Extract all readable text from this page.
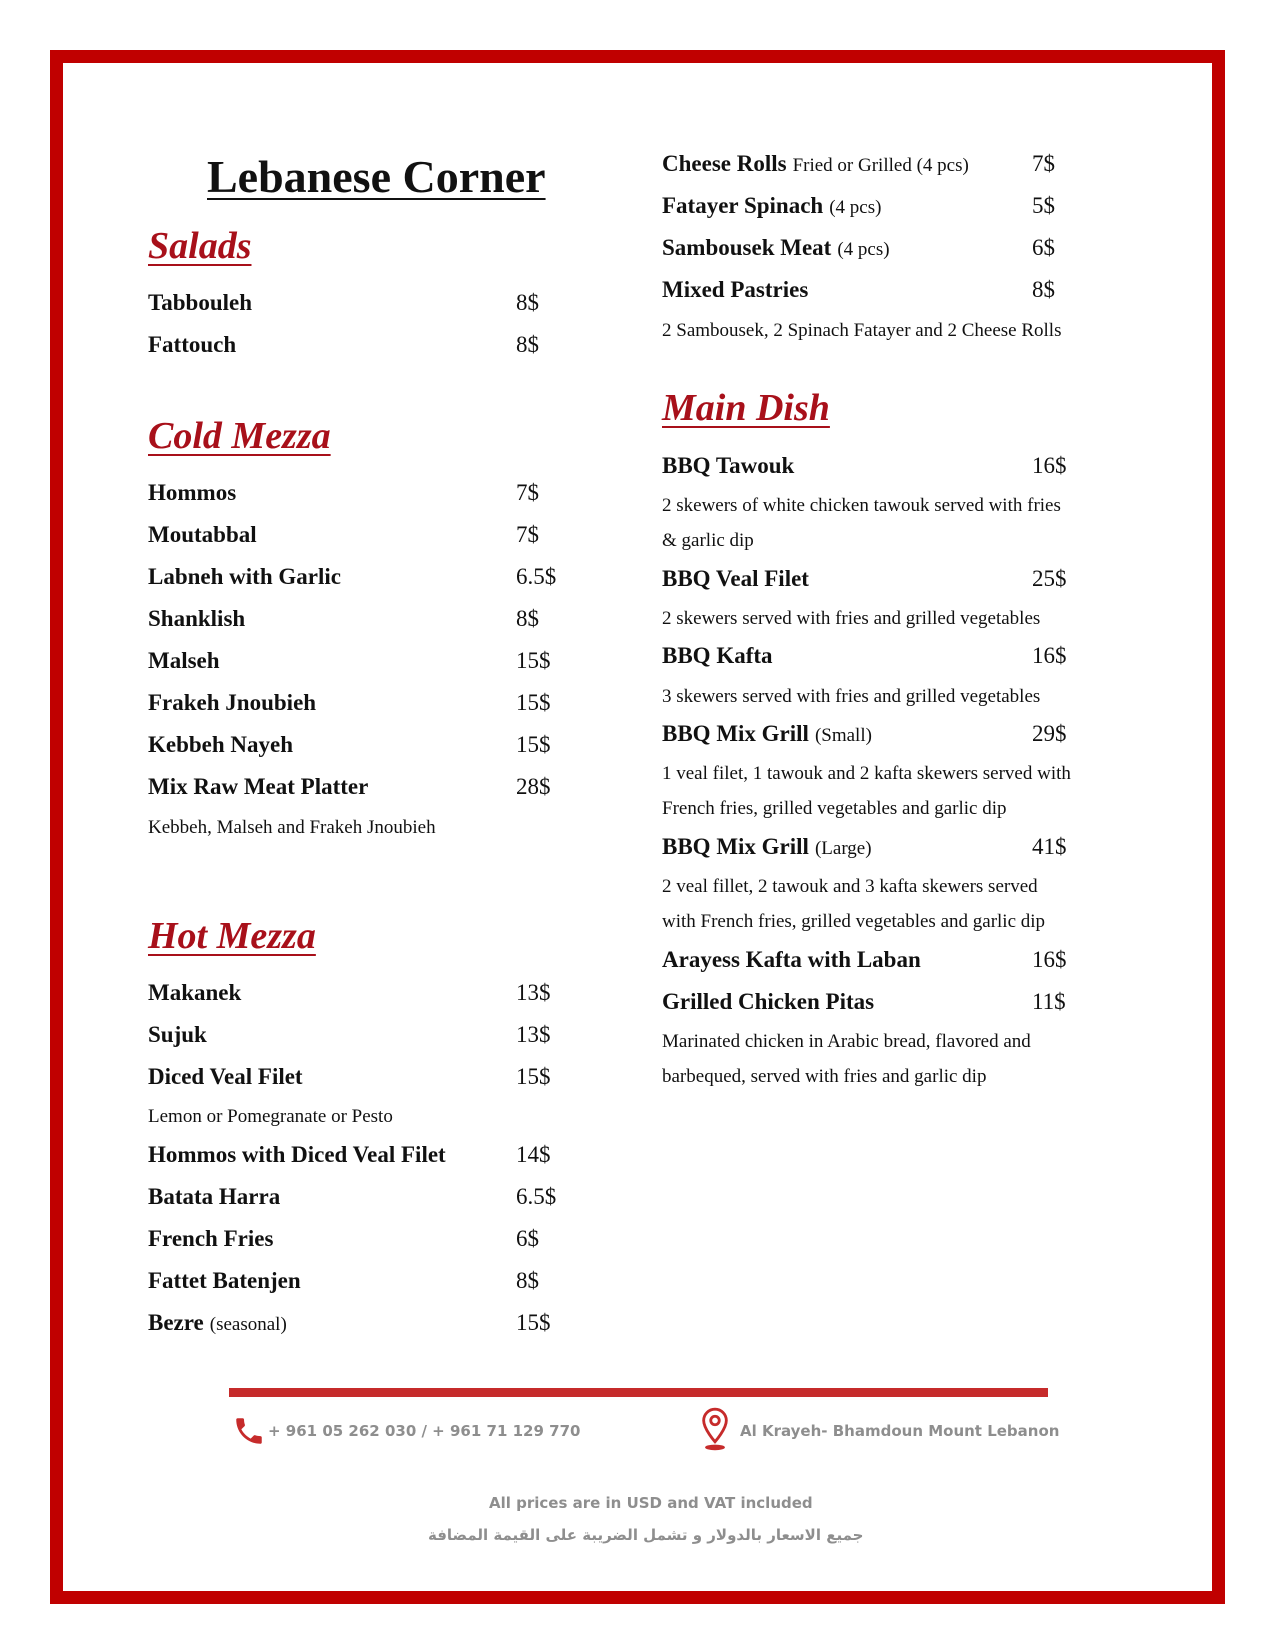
Lebanese Corner
Salads
Tabbouleh	8$
Fattouch	8$
Cold Mezza
Hommos	7$
Moutabbal	7$
Labneh with Garlic	6.5$
Shanklish	8$
Malseh	15$
Frakeh Jnoubieh	15$
Kebbeh Nayeh	15$
Mix Raw Meat Platter	28$
Kebbeh, Malseh and Frakeh Jnoubieh
Hot Mezza
Makanek	13$
Sujuk	13$
Diced Veal Filet	15$
Lemon or Pomegranate or Pesto
Hommos with Diced Veal Filet	14$
Batata Harra	6.5$
French Fries	6$
Fattet Batenjen	8$
Bezre (seasonal)	15$
Cheese Rolls Fried or Grilled (4 pcs)	7$
Fatayer Spinach (4 pcs)	5$
Sambousek Meat (4 pcs)	6$
Mixed Pastries	8$
2 Sambousek, 2 Spinach Fatayer and 2 Cheese Rolls
Main Dish
BBQ Tawouk	16$
2 skewers of white chicken tawouk served with fries
& garlic dip
BBQ Veal Filet	25$
2 skewers served with fries and grilled vegetables
BBQ Kafta	16$
3 skewers served with fries and grilled vegetables
BBQ Mix Grill (Small)	29$
1 veal filet, 1 tawouk and 2 kafta skewers served with
French fries, grilled vegetables and garlic dip
BBQ Mix Grill (Large)	41$
2 veal fillet, 2 tawouk and 3 kafta skewers served
with French fries, grilled vegetables and garlic dip
Arayess Kafta with Laban	16$
Grilled Chicken Pitas	11$
Marinated chicken in Arabic bread, flavored and
barbequed, served with fries and garlic dip
+ 961 05 262 030 / + 961 71 129 770	Al Krayeh- Bhamdoun Mount Lebanon
All prices are in USD and VAT included
جميع الاسعار بالدولار و تشمل الضريبة على القيمة المضافة
